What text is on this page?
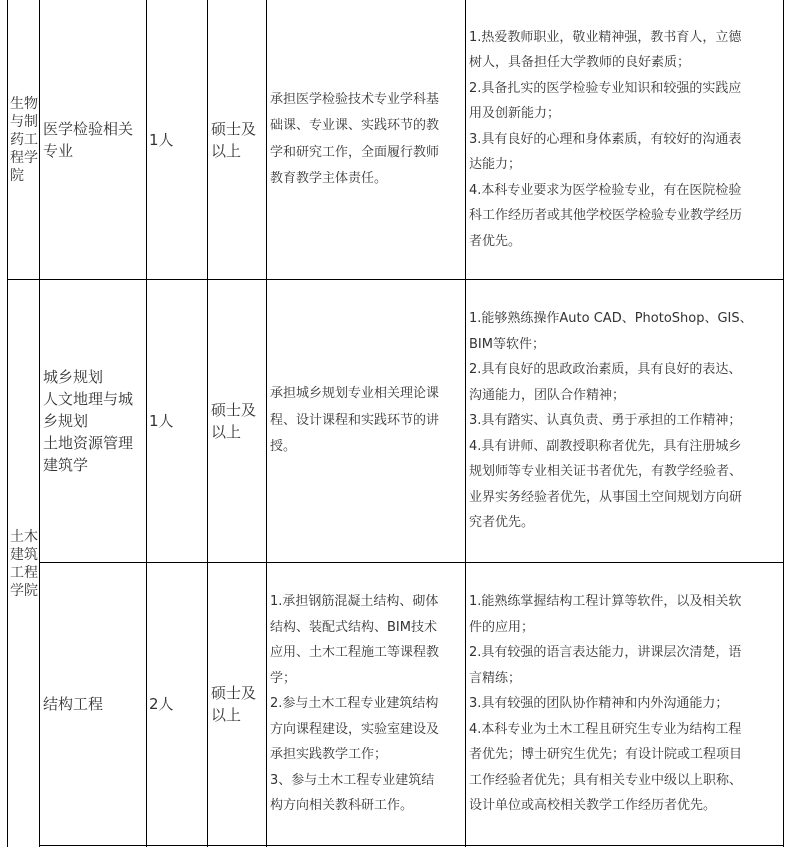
生物
与制
药工
程学
院
医学检验相关
专业
1人
硕士及
以上
承担医学检验技术专业学科基
础课、专业课、实践环节的教
学和研究工作，全面履行教师
教育教学主体责任。
1.热爱教师职业，敬业精神强，教书育人，立德
树人，具备担任大学教师的良好素质；
2.具备扎实的医学检验专业知识和较强的实践应
用及创新能力；
3.具有良好的心理和身体素质，有较好的沟通表
达能力；
4.本科专业要求为医学检验专业，有在医院检验
科工作经历者或其他学校医学检验专业教学经历
者优先。
土木
建筑
工程
学院
城乡规划
人文地理与城
乡规划
土地资源管理
建筑学
1人
硕士及
以上
承担城乡规划专业相关理论课
程、设计课程和实践环节的讲
授。
1.能够熟练操作Auto CAD、PhotoShop、GIS、
BIM等软件；
2.具有良好的思政政治素质，具有良好的表达、
沟通能力，团队合作精神；
3.具有踏实、认真负责、勇于承担的工作精神；
4.具有讲师、副教授职称者优先，具有注册城乡
规划师等专业相关证书者优先，有教学经验者、
业界实务经验者优先，从事国土空间规划方向研
究者优先。
结构工程	2人
硕士及
以上
1.承担钢筋混凝土结构、砌体
结构、装配式结构、BIM技术
应用、土木工程施工等课程教
学；
2.参与土木工程专业建筑结构
方向课程建设，实验室建设及
承担实践教学工作；
3、参与土木工程专业建筑结
构方向相关教科研工作。
1.能熟练掌握结构工程计算等软件，以及相关软
件的应用；
2.具有较强的语言表达能力，讲课层次清楚，语
言精练；
3.具有较强的团队协作精神和内外沟通能力；
4.本科专业为土木工程且研究生专业为结构工程
者优先；博士研究生优先；有设计院或工程项目
工作经验者优先；具有相关专业中级以上职称、
设计单位或高校相关教学工作经历者优先。
